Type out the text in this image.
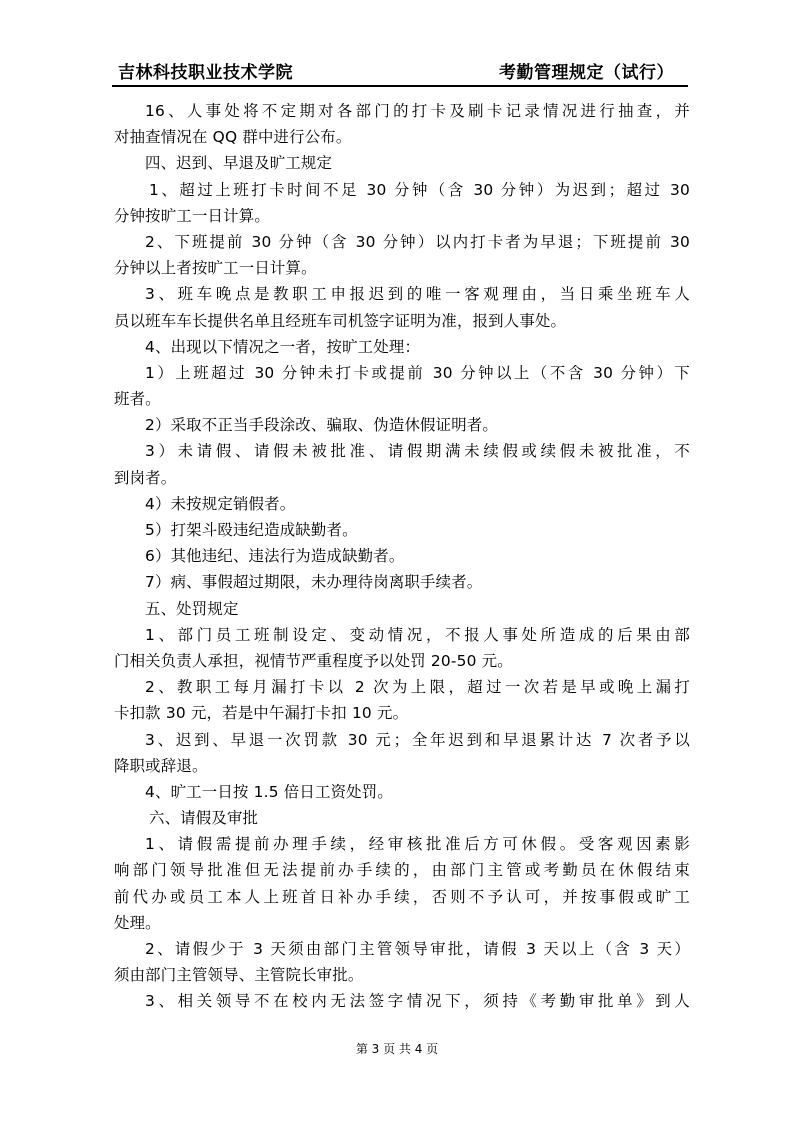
吉林科技职业技术学院	考勤管理规定（试行）
16、人事处将不定期对各部门的打卡及刷卡记录情况进行抽查，并
对抽查情况在 QQ 群中进行公布。
四、迟到、早退及旷工规定
1、超过上班打卡时间不足 30 分钟（含 30 分钟）为迟到；超过 30
分钟按旷工一日计算。
2、下班提前 30 分钟（含 30 分钟）以内打卡者为早退；下班提前 30
分钟以上者按旷工一日计算。
3、班车晚点是教职工申报迟到的唯一客观理由，当日乘坐班车人
员以班车车长提供名单且经班车司机签字证明为准，报到人事处。
4、出现以下情况之一者，按旷工处理：
1）上班超过 30 分钟未打卡或提前 30 分钟以上（不含 30 分钟）下
班者。
2）采取不正当手段涂改、骗取、伪造休假证明者。
3）未请假、请假未被批准、请假期满未续假或续假未被批准，不
到岗者。
4）未按规定销假者。
5）打架斗殴违纪造成缺勤者。
6）其他违纪、违法行为造成缺勤者。
7）病、事假超过期限，未办理待岗离职手续者。
五、处罚规定
1、部门员工班制设定、变动情况，不报人事处所造成的后果由部
门相关负责人承担，视情节严重程度予以处罚 20-50 元。
2、教职工每月漏打卡以 2 次为上限，超过一次若是早或晚上漏打
卡扣款 30 元，若是中午漏打卡扣 10 元。
3、迟到、早退一次罚款 30 元；全年迟到和早退累计达 7 次者予以
降职或辞退。
4、旷工一日按 1.5 倍日工资处罚。
六、请假及审批
1、请假需提前办理手续，经审核批准后方可休假。受客观因素影
响部门领导批准但无法提前办手续的，由部门主管或考勤员在休假结束
前代办或员工本人上班首日补办手续，否则不予认可，并按事假或旷工
处理。
2、请假少于 3 天须由部门主管领导审批，请假 3 天以上（含 3 天）
须由部门主管领导、主管院长审批。
3、相关领导不在校内无法签字情况下，须持《考勤审批单》到人
第 3 页 共 4 页
